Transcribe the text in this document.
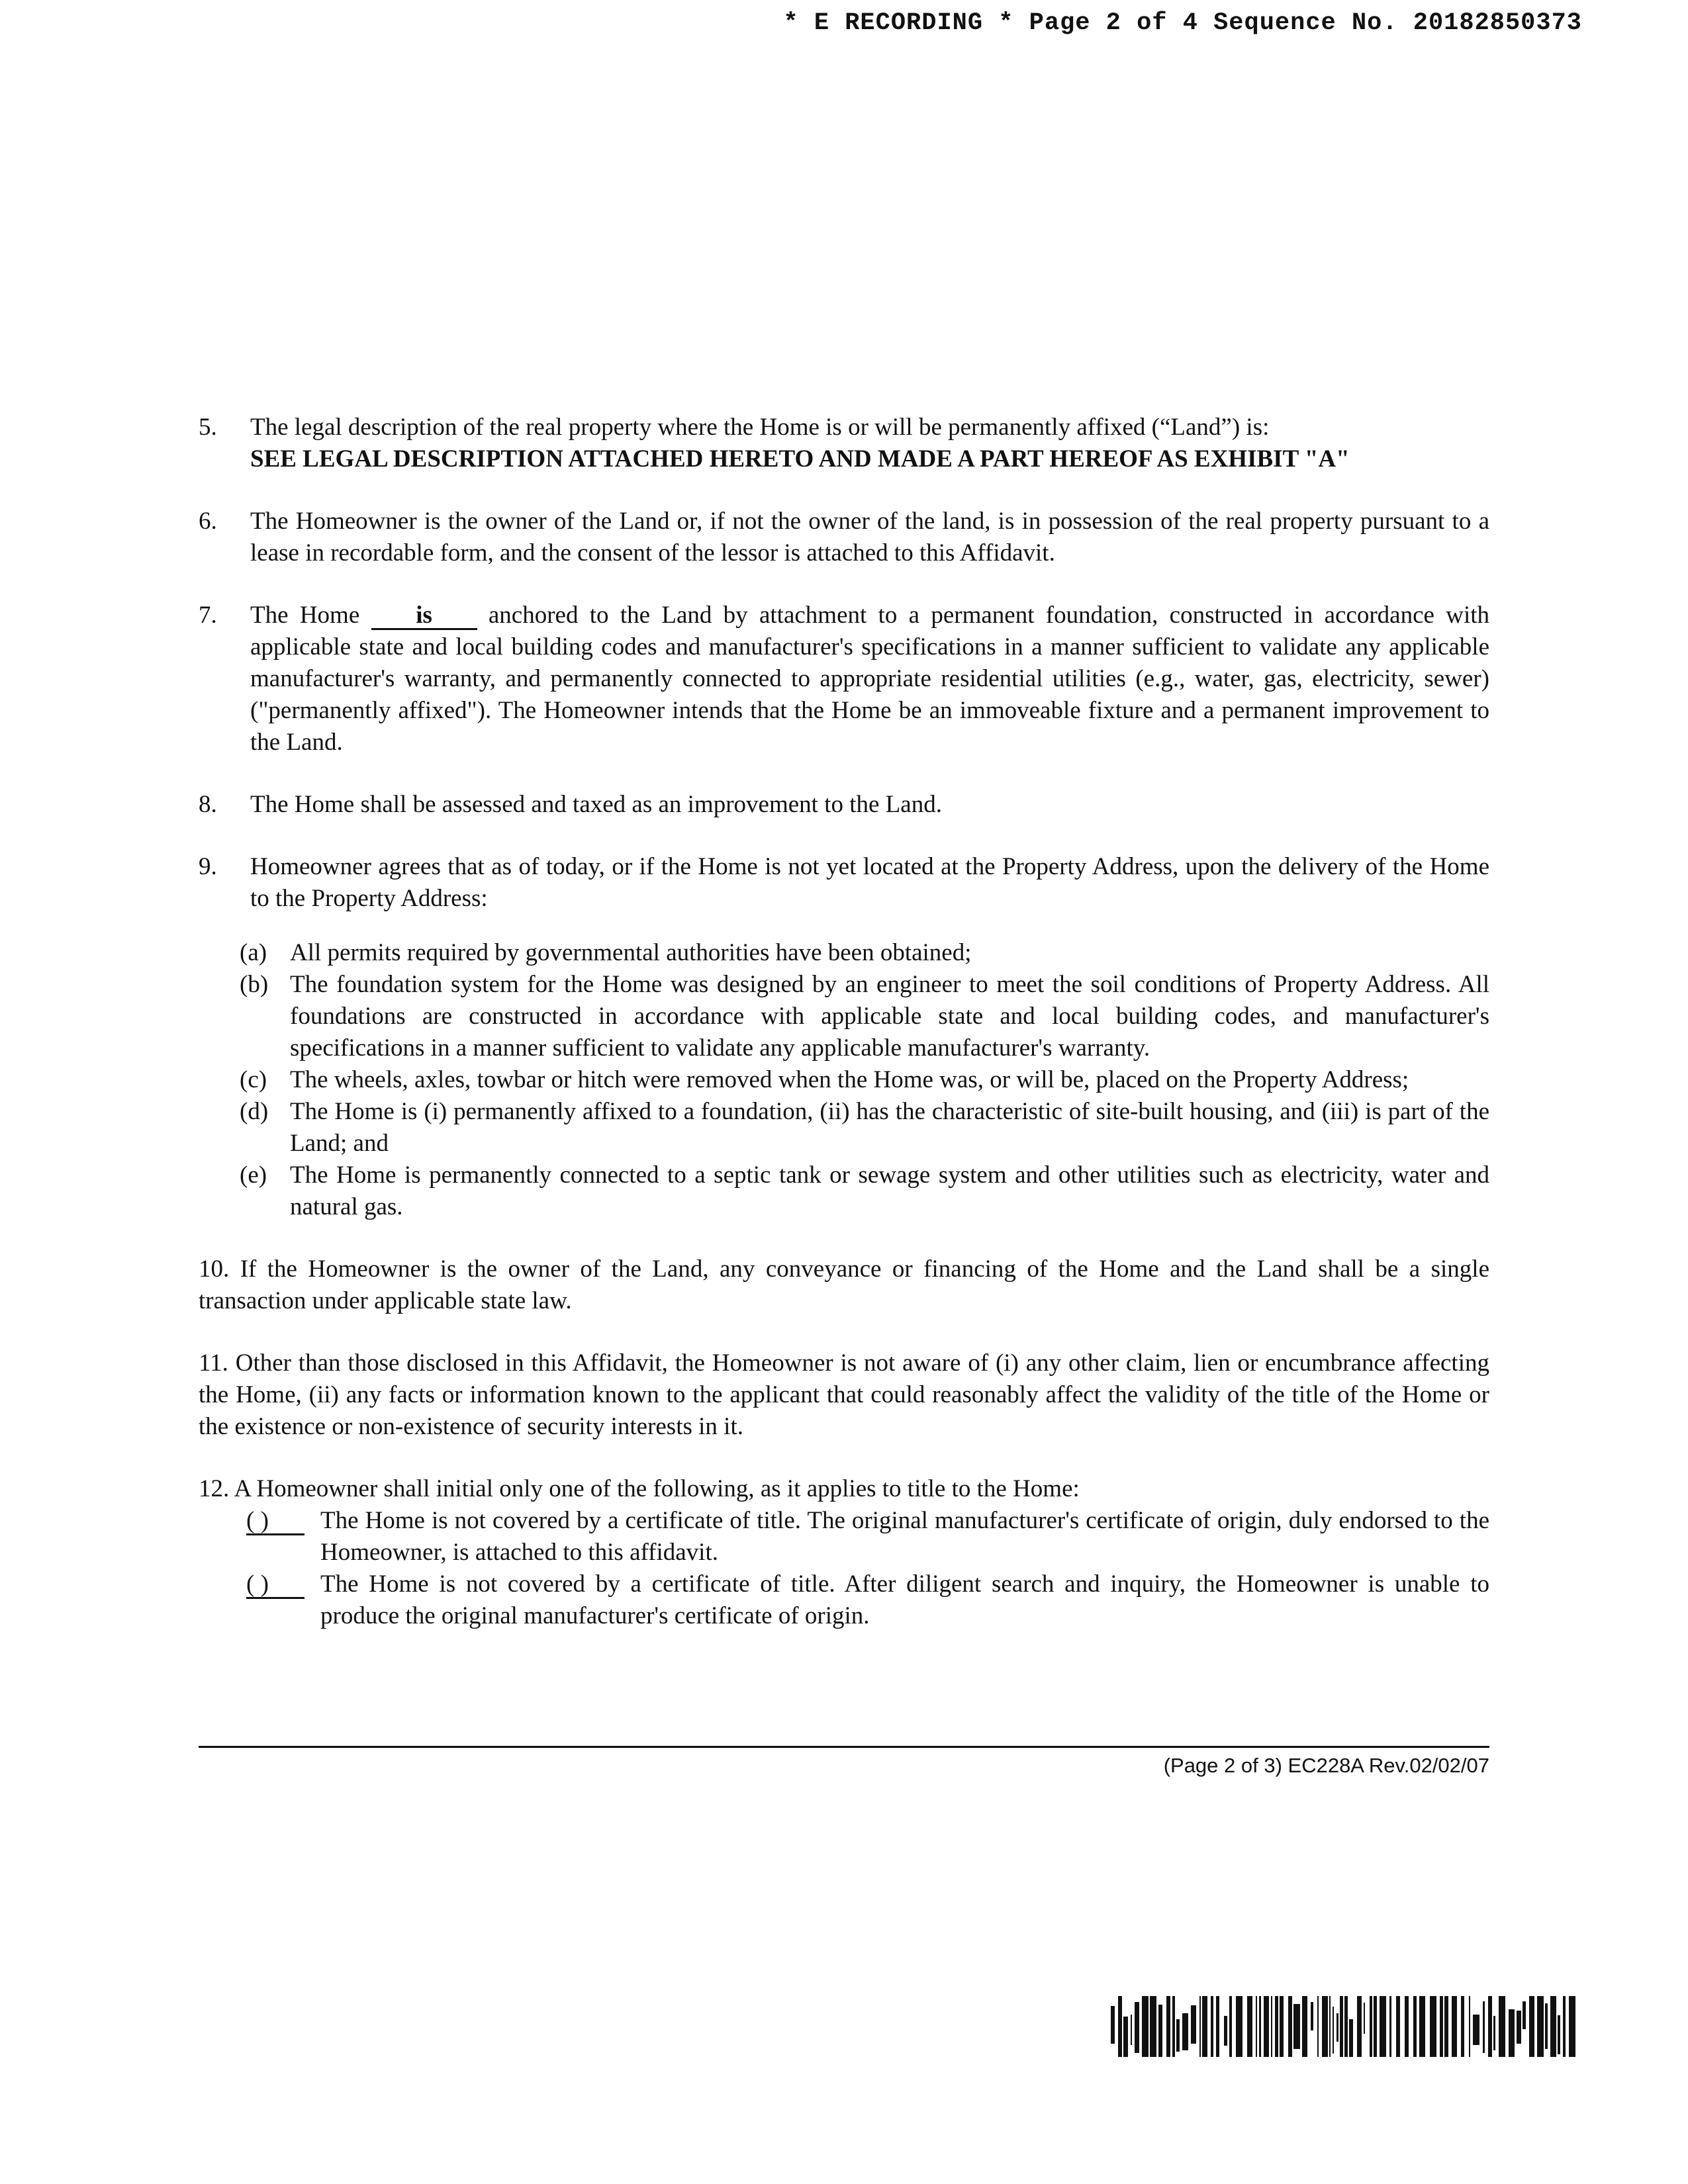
* E RECORDING * Page 2 of 4 Sequence No. 20182850373
5.	The legal description of the real property where the Home is or will be permanently affixed (“Land”) is:
SEE LEGAL DESCRIPTION ATTACHED HERETO AND MADE A PART HEREOF AS EXHIBIT "A"
6.	The Homeowner is the owner of the Land or, if not the owner of the land, is in possession of the real property pursuant to a lease in recordable form, and the consent of the lessor is attached to this Affidavit.
7.	The Home is anchored to the Land by attachment to a permanent foundation, constructed in accordance with applicable state and local building codes and manufacturer's specifications in a manner sufficient to validate any applicable manufacturer's warranty, and permanently connected to appropriate residential utilities (e.g., water, gas, electricity, sewer) ("permanently affixed"). The Homeowner intends that the Home be an immoveable fixture and a permanent improvement to the Land.
8.	The Home shall be assessed and taxed as an improvement to the Land.
9.	Homeowner agrees that as of today, or if the Home is not yet located at the Property Address, upon the delivery of the Home to the Property Address:
(a) All permits required by governmental authorities have been obtained;
(b) The foundation system for the Home was designed by an engineer to meet the soil conditions of Property Address. All foundations are constructed in accordance with applicable state and local building codes, and manufacturer's specifications in a manner sufficient to validate any applicable manufacturer's warranty.
(c) The wheels, axles, towbar or hitch were removed when the Home was, or will be, placed on the Property Address;
(d) The Home is (i) permanently affixed to a foundation, (ii) has the characteristic of site-built housing, and (iii) is part of the Land; and
(e) The Home is permanently connected to a septic tank or sewage system and other utilities such as electricity, water and natural gas.
10. If the Homeowner is the owner of the Land, any conveyance or financing of the Home and the Land shall be a single transaction under applicable state law.
11. Other than those disclosed in this Affidavit, the Homeowner is not aware of (i) any other claim, lien or encumbrance affecting the Home, (ii) any facts or information known to the applicant that could reasonably affect the validity of the title of the Home or the existence or non-existence of security interests in it.
12. A Homeowner shall initial only one of the following, as it applies to title to the Home:
( )	The Home is not covered by a certificate of title. The original manufacturer's certificate of origin, duly endorsed to the Homeowner, is attached to this affidavit.
( )	The Home is not covered by a certificate of title. After diligent search and inquiry, the Homeowner is unable to produce the original manufacturer's certificate of origin.
(Page 2 of 3) EC228A Rev.02/02/07
